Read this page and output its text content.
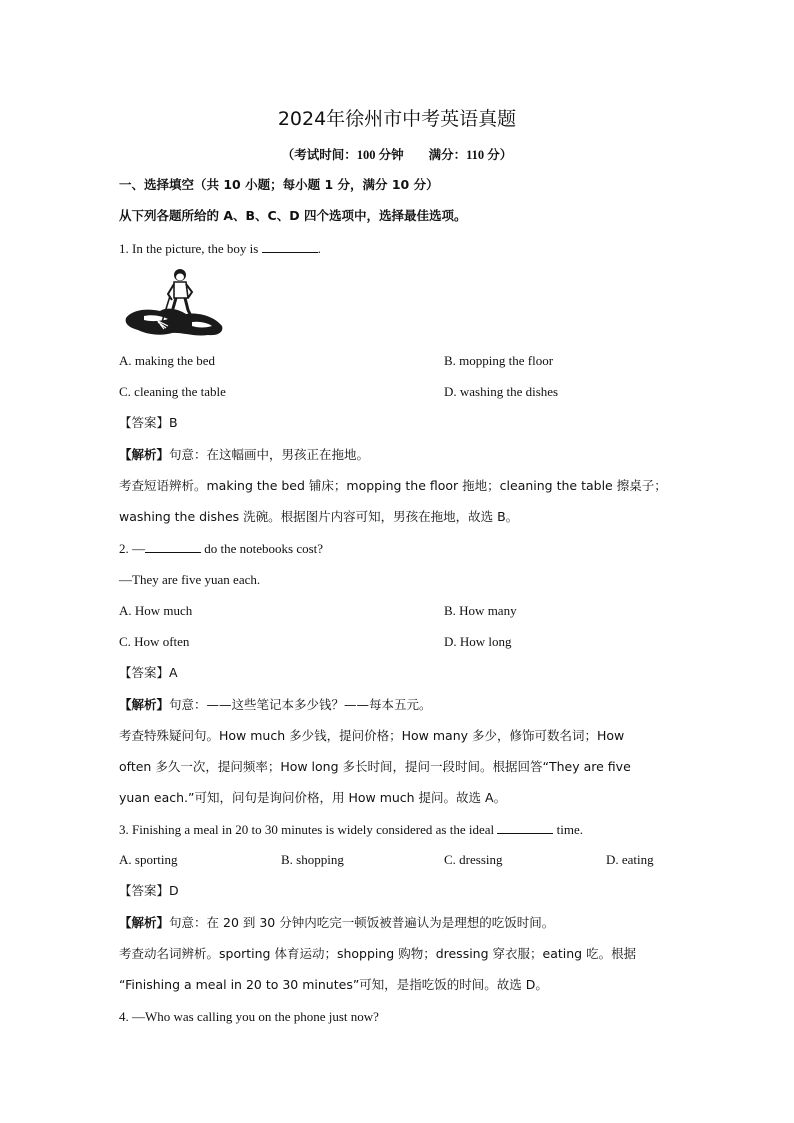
2024年徐州市中考英语真题
（考试时间：100 分钟　　满分：110 分）
一、选择填空（共 10 小题；每小题 1 分，满分 10 分）
从下列各题所给的 A、B、C、D 四个选项中，选择最佳选项。
1. In the picture, the boy is	.
A. making the bed	B. mopping the floor
C. cleaning the table	D. washing the dishes
【答案】B
【解析】句意：在这幅画中，男孩正在拖地。
考查短语辨析。making the bed 铺床；mopping the floor 拖地；cleaning the table 擦桌子；
washing the dishes 洗碗。根据图片内容可知，男孩在拖地，故选 B。
2. —	do the notebooks cost?
—They are five yuan each.
A. How much	B. How many
C. How often	D. How long
【答案】A
【解析】句意：——这些笔记本多少钱？——每本五元。
考查特殊疑问句。How much 多少钱，提问价格；How many 多少，修饰可数名词；How
often 多久一次，提问频率；How long 多长时间，提问一段时间。根据回答“They are five
yuan each.”可知，问句是询问价格，用 How much 提问。故选 A。
3. Finishing a meal in 20 to 30 minutes is widely considered as the ideal	time.
A. sporting	B. shopping	C. dressing	D. eating
【答案】D
【解析】句意：在 20 到 30 分钟内吃完一顿饭被普遍认为是理想的吃饭时间。
考查动名词辨析。sporting 体育运动；shopping 购物；dressing 穿衣服；eating 吃。根据
“Finishing a meal in 20 to 30 minutes”可知，是指吃饭的时间。故选 D。
4. —Who was calling you on the phone just now?
